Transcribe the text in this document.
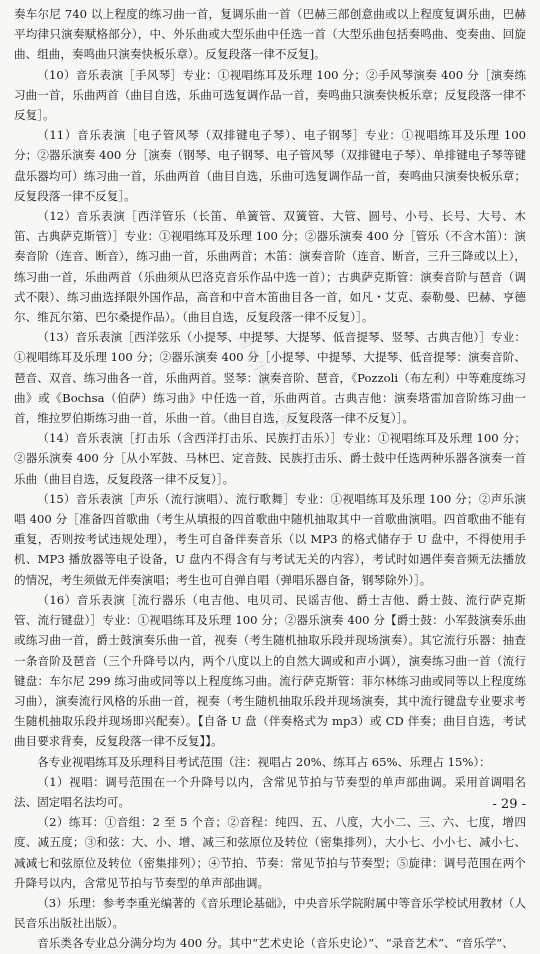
奏车尔尼 740 以上程度的练习曲一首，复调乐曲一首（巴赫三部创意曲或以上程度复调乐曲，巴赫平均律只演奏赋格部分），中、外乐曲或大型乐曲中任选一首（大型乐曲包括奏鸣曲、变奏曲、回旋曲、组曲，奏鸣曲只演奏快板乐章）。反复段落一律不反复]。

（10）音乐表演［手风琴］专业：①视唱练耳及乐理 100 分；②手风琴演奏 400 分［演奏练习曲一首，乐曲两首（曲目自选，乐曲可选复调作品一首，奏鸣曲只演奏快板乐章；反复段落一律不反复］。

（11）音乐表演［电子管风琴（双排键电子琴）、电子钢琴］专业：①视唱练耳及乐理 100 分；②器乐演奏 400 分［演奏（钢琴、电子钢琴、电子管风琴（双排键电子琴）、单排键电子琴等键盘乐器均可）练习曲一首，乐曲两首（曲目自选，乐曲可选复调作品一首，奏鸣曲只演奏快板乐章；反复段落一律不反复］。

（12）音乐表演［西洋管乐（长笛、单簧管、双簧管、大管、圆号、小号、长号、大号、木笛、古典萨克斯管）］专业：①视唱练耳及乐理 100 分；②器乐演奏 400 分［管乐（不含木笛）：演奏音阶（连音、断音），练习曲一首，乐曲两首；木笛：演奏音阶（连音、断音，三升三降或以上），练习曲一首，乐曲两首（乐曲须从巴洛克音乐作品中选一首）；古典萨克斯管：演奏音阶与琶音（调式不限）、练习曲选择限外国作品，高音和中音木笛曲目各一首，如凡・艾克、泰勒曼、巴赫、亨德尔、维瓦尔第、巴尔桑提作品）。（曲目自选，反复段落一律不反复）］。

（13）音乐表演［西洋弦乐（小提琴、中提琴、大提琴、低音提琴、竖琴、古典吉他）］专业：①视唱练耳及乐理 100 分；②器乐演奏 400 分［小提琴、中提琴、大提琴、低音提琴：演奏音阶、琶音、双音、练习曲各一首，乐曲两首。竖琴：演奏音阶、琶音，《Pozzoli（布左利）中等难度练习曲》或《Bochsa（伯萨）练习曲》中任选一首，乐曲两首。古典吉他：演奏塔雷加音阶练习曲一首，维拉罗伯斯练习曲一首，乐曲一首。（曲目自选，反复段落一律不反复）］。

（14）音乐表演［打击乐（含西洋打击乐、民族打击乐）］专业：①视唱练耳及乐理 100 分；②器乐演奏 400 分［从小军鼓、马林巴、定音鼓、民族打击乐、爵士鼓中任选两种乐器各演奏一首乐曲（曲目自选，反复段落一律不反复）］。

（15）音乐表演［声乐（流行演唱）、流行歌舞］专业：①视唱练耳及乐理 100 分；②声乐演唱 400 分［准备四首歌曲（考生从填报的四首歌曲中随机抽取其中一首歌曲演唱。四首歌曲不能有重复，否则按考试违规处理），考生可自备伴奏音乐（以 MP3 的格式储存于 U 盘中，不得使用手机、MP3 播放器等电子设备，U 盘内不得含有与考试无关的内容），考试时如遇伴奏音频无法播放的情况，考生须做无伴奏演唱；考生也可自弹自唱（弹唱乐器自备，钢琴除外）］。

（16）音乐表演［流行器乐（电吉他、电贝司、民谣吉他、爵士吉他、爵士鼓、流行萨克斯管、流行键盘）］专业：①视唱练耳及乐理 100 分；②器乐演奏 400 分【爵士鼓：小军鼓演奏乐曲或练习曲一首，爵士鼓演奏乐曲一首，视奏（考生随机抽取乐段并现场演奏）。其它流行乐器：抽查一条音阶及琶音（三个升降号以内，两个八度以上的自然大调或和声小调），演奏练习曲一首（流行键盘：车尔尼 299 练习曲或同等以上程度练习曲。流行萨克斯管：菲尔林练习曲或同等以上程度练习曲），演奏流行风格的乐曲一首，视奏（考生随机抽取乐段并现场演奏，其中流行键盘专业要求考生随机抽取乐段并现场即兴配奏）。【自备 U 盘（伴奏格式为 mp3）或 CD 伴奏；曲目自选，考试曲目要求背奏，反复段落一律不反复】】。

各专业视唱练耳及乐理科目考试范围（注：视唱占 20%、练耳占 65%、乐理占 15%）：

（1）视唱：调号范围在一个升降号以内，含常见节拍与节奏型的单声部曲调。采用首调唱名法、固定唱名法均可。

（2）练耳：①音组：2 至 5 个音；②音程：纯四、五、八度，大小二、三、六、七度，增四度、减五度；③和弦：大、小、增、减三和弦原位及转位（密集排列），大小七、小小七、减小七、减减七和弦原位及转位（密集排列）；④节拍、节奏：常见节拍与节奏型；⑤旋律：调号范围在两个升降号以内，含常见节拍与节奏型的单声部曲调。

（3）乐理：参考李重光编著的《音乐理论基础》，中央音乐学院附属中等音乐学校试用教材（人民音乐出版社出版）。

音乐类各专业总分满分均为 400 分。其中“艺术史论（音乐史论）”、“录音艺术”、“音乐学”、

国考生及家长服务平台
- 29 -
